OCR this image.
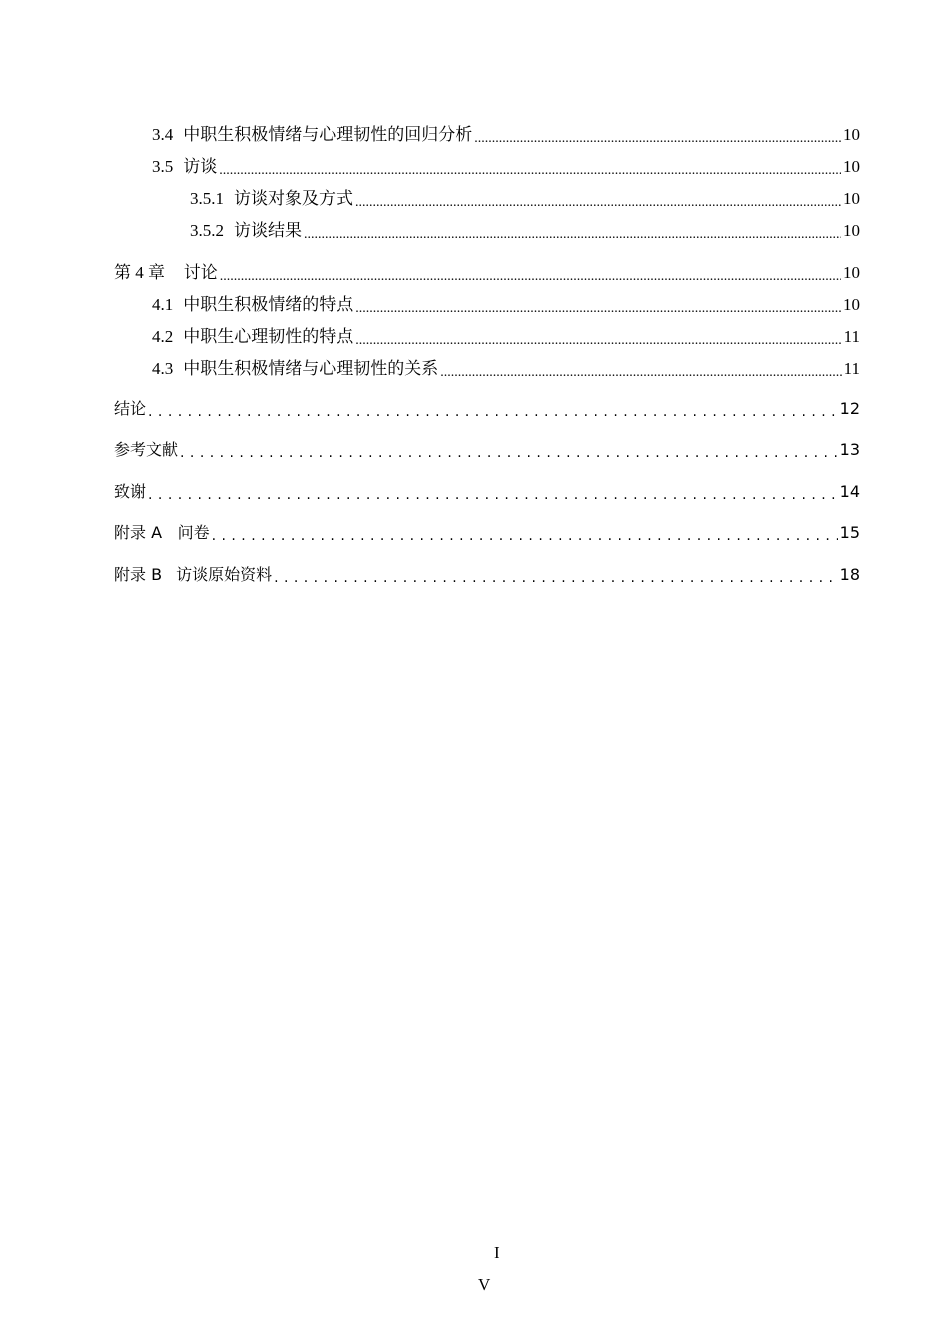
3.4 中职生积极情绪与心理韧性的回归分析 .....	10
3.5 访谈 .....	10
3.5.1 访谈对象及方式 .....	10
3.5.2 访谈结果 .....	10
第 4 章 讨论 .....	10
4.1 中职生积极情绪的特点 .....	10
4.2 中职生心理韧性的特点 .....	11
4.3 中职生积极情绪与心理韧性的关系 .....	11
结论 . . .	12
参考文献 . . .	13
致谢 . . .	14
附录 A 问卷 . . .	15
附录 B 访谈原始资料 . . .	18
I
V
